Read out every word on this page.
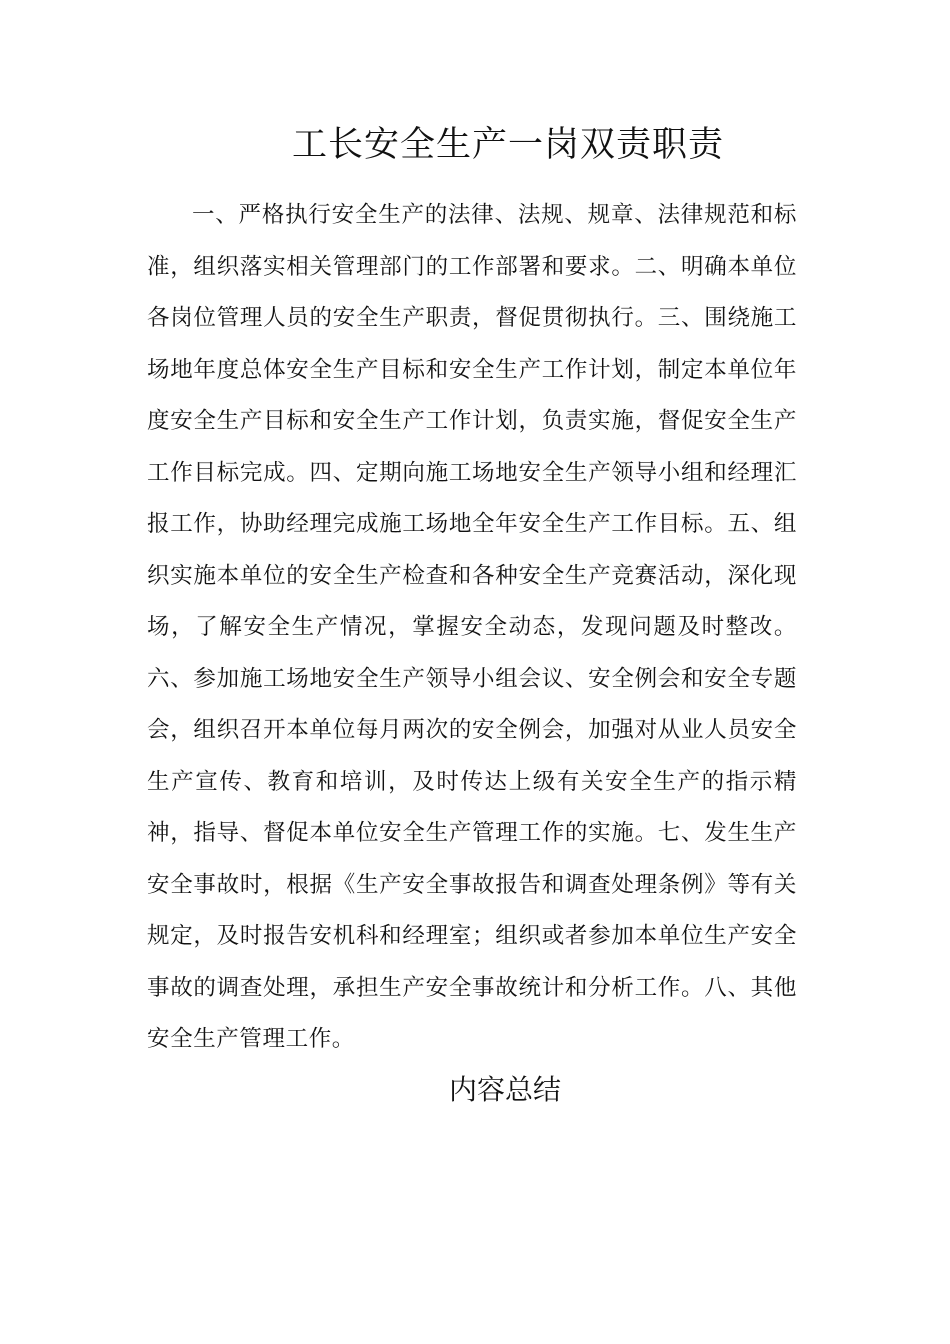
工长安全生产一岗双责职责

一、严格执行安全生产的法律、法规、规章、法律规范和标准，组织落实相关管理部门的工作部署和要求。二、明确本单位各岗位管理人员的安全生产职责，督促贯彻执行。三、围绕施工场地年度总体安全生产目标和安全生产工作计划，制定本单位年度安全生产目标和安全生产工作计划，负责实施，督促安全生产工作目标完成。四、定期向施工场地安全生产领导小组和经理汇报工作，协助经理完成施工场地全年安全生产工作目标。五、组织实施本单位的安全生产检查和各种安全生产竞赛活动，深化现场，了解安全生产情况，掌握安全动态，发现问题及时整改。六、参加施工场地安全生产领导小组会议、安全例会和安全专题会，组织召开本单位每月两次的安全例会，加强对从业人员安全生产宣传、教育和培训，及时传达上级有关安全生产的指示精神，指导、督促本单位安全生产管理工作的实施。七、发生生产安全事故时，根据《生产安全事故报告和调查处理条例》等有关规定，及时报告安机科和经理室；组织或者参加本单位生产安全事故的调查处理，承担生产安全事故统计和分析工作。八、其他安全生产管理工作。

内容总结
